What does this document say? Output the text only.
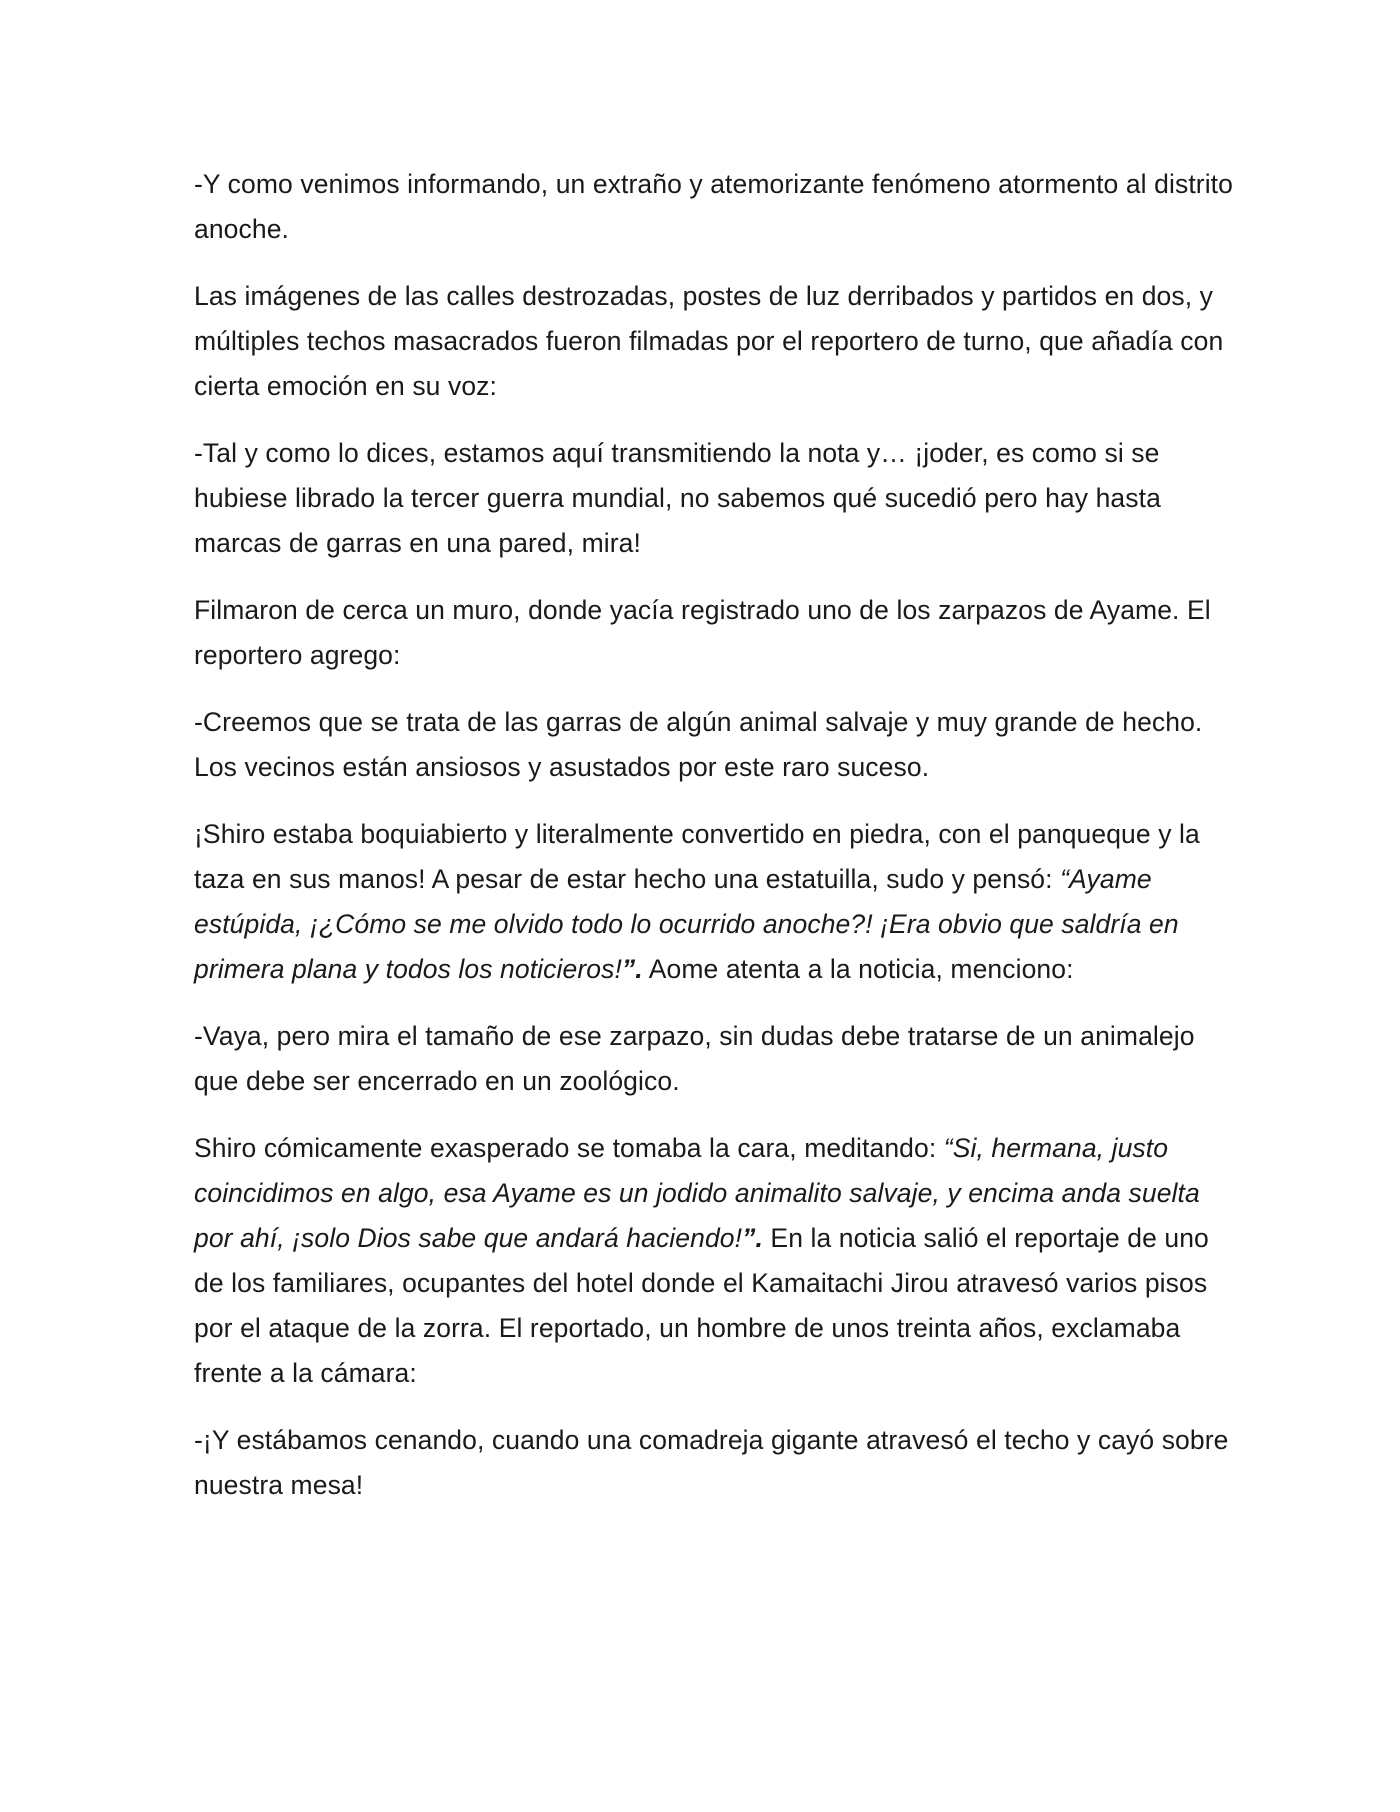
-Y como venimos informando, un extraño y atemorizante fenómeno atormento al distrito anoche.

Las imágenes de las calles destrozadas, postes de luz derribados y partidos en dos, y múltiples techos masacrados fueron filmadas por el reportero de turno, que añadía con cierta emoción en su voz:

-Tal y como lo dices, estamos aquí transmitiendo la nota y… ¡joder, es como si se hubiese librado la tercer guerra mundial, no sabemos qué sucedió pero hay hasta marcas de garras en una pared, mira!

Filmaron de cerca un muro, donde yacía registrado uno de los zarpazos de Ayame. El reportero agrego:

-Creemos que se trata de las garras de algún animal salvaje y muy grande de hecho. Los vecinos están ansiosos y asustados por este raro suceso.

¡Shiro estaba boquiabierto y literalmente convertido en piedra, con el panqueque y la taza en sus manos! A pesar de estar hecho una estatuilla, sudo y pensó: “Ayame estúpida, ¡¿Cómo se me olvido todo lo ocurrido anoche?! ¡Era obvio que saldría en primera plana y todos los noticieros!”. Aome atenta a la noticia, menciono:

-Vaya, pero mira el tamaño de ese zarpazo, sin dudas debe tratarse de un animalejo que debe ser encerrado en un zoológico.

Shiro cómicamente exasperado se tomaba la cara, meditando: “Si, hermana, justo coincidimos en algo, esa Ayame es un jodido animalito salvaje, y encima anda suelta por ahí, ¡solo Dios sabe que andará haciendo!”. En la noticia salió el reportaje de uno de los familiares, ocupantes del hotel donde el Kamaitachi Jirou atravesó varios pisos por el ataque de la zorra. El reportado, un hombre de unos treinta años, exclamaba frente a la cámara:

-¡Y estábamos cenando, cuando una comadreja gigante atravesó el techo y cayó sobre nuestra mesa!
